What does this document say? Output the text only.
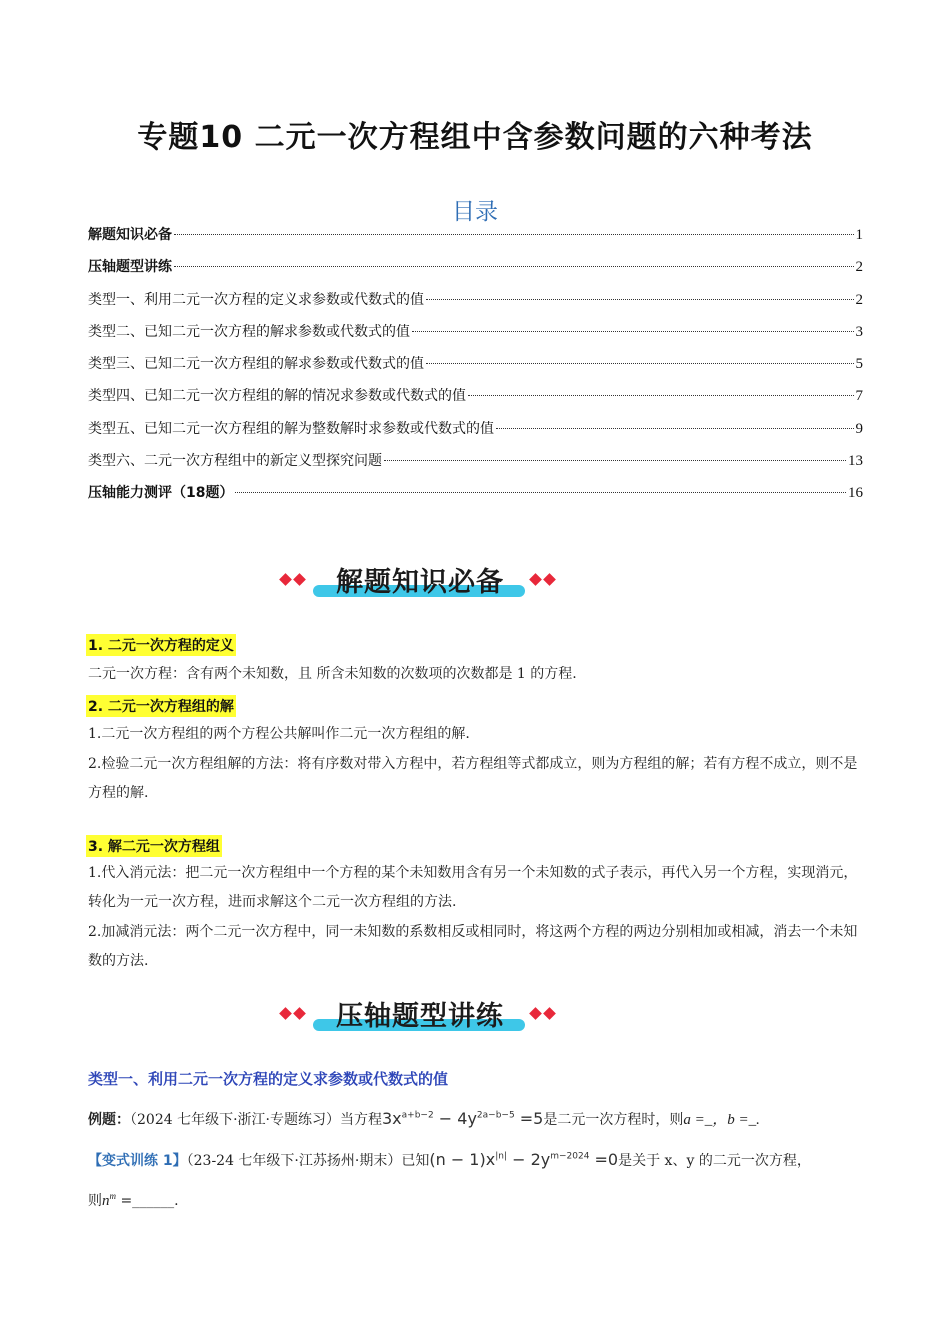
专题10 二元一次方程组中含参数问题的六种考法
目录
解题知识必备	1
压轴题型讲练	2
类型一、利用二元一次方程的定义求参数或代数式的值	2
类型二、已知二元一次方程的解求参数或代数式的值	3
类型三、已知二元一次方程组的解求参数或代数式的值	5
类型四、已知二元一次方程组的解的情况求参数或代数式的值	7
类型五、已知二元一次方程组的解为整数解时求参数或代数式的值	9
类型六、二元一次方程组中的新定义型探究问题	13
压轴能力测评（18题）	16
解题知识必备
1. 二元一次方程的定义
二元一次方程：含有两个未知数，且 所含未知数的次数项的次数都是 1 的方程.
2. 二元一次方程组的解
1.二元一次方程组的两个方程公共解叫作二元一次方程组的解.
2.检验二元一次方程组解的方法：将有序数对带入方程中，若方程组等式都成立，则为方程组的解；若有方程不成立，则不是方程的解.
3. 解二元一次方程组
1.代入消元法：把二元一次方程组中一个方程的某个未知数用含有另一个未知数的式子表示，再代入另一个方程，实现消元，转化为一元一次方程，进而求解这个二元一次方程组的方法.
2.加减消元法：两个二元一次方程中，同一未知数的系数相反或相同时，将这两个方程的两边分别相加或相减，消去一个未知数的方法.
压轴题型讲练
类型一、利用二元一次方程的定义求参数或代数式的值
例题：（2024 七年级下·浙江·专题练习）当方程$3x^{a+b-2} - 4y^{2a-b-5} =5$是二元一次方程时，则a =_，b =_.
【变式训练 1】（23-24 七年级下·江苏扬州·期末）已知$(n - 1)x^{|n|} - 2y^{m-2024} =0$是关于 x、y 的二元一次方程，
则$n^m$ =______.
